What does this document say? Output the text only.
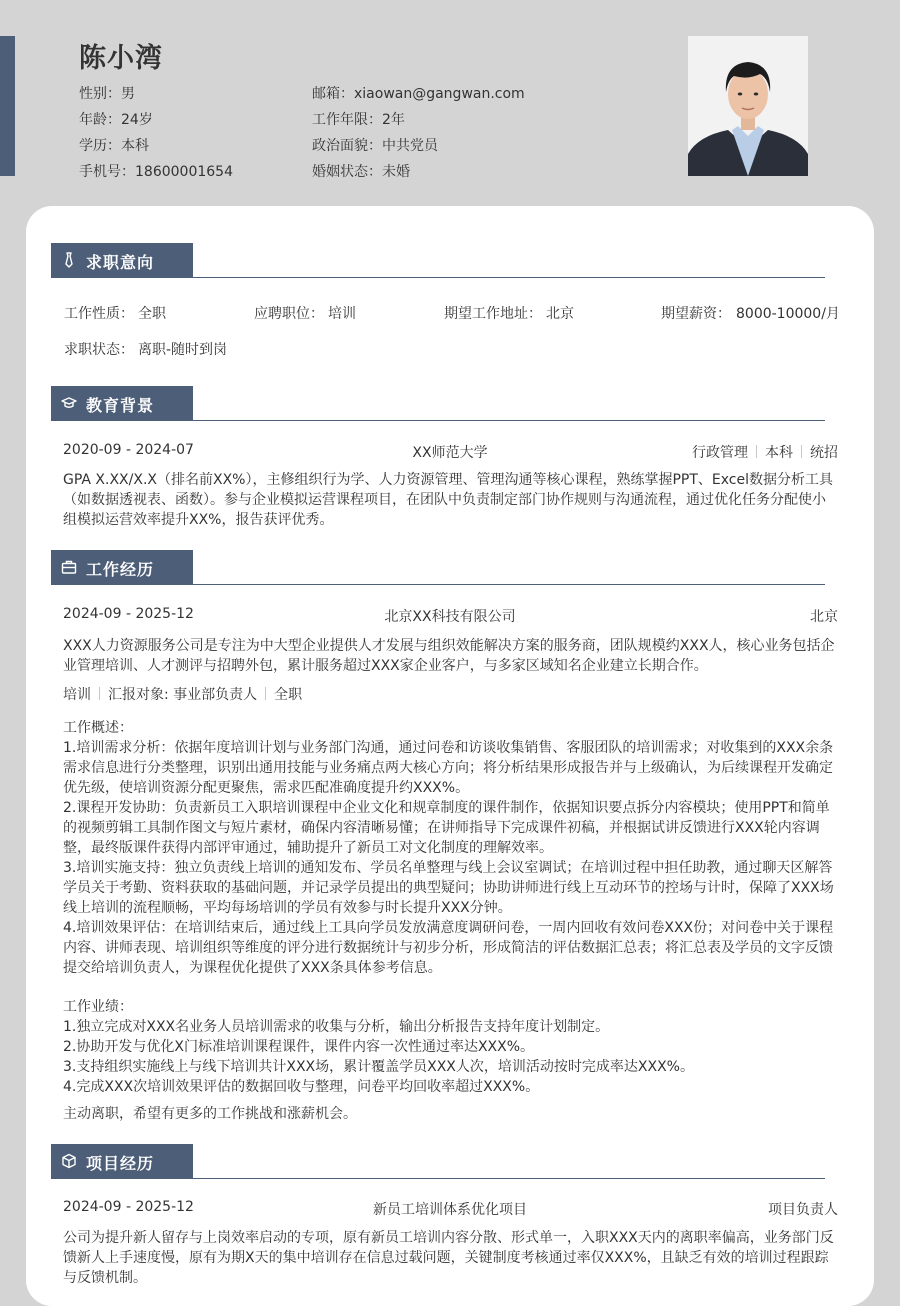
陈小湾
性别：男
年龄：24岁
学历：本科
手机号：18600001654
邮箱：xiaowan@gangwan.com
工作年限：2年
政治面貌：中共党员
婚姻状态：未婚
求职意向
工作性质： 全职	应聘职位： 培训	期望工作地址： 北京	期望薪资： 8000-10000/月
求职状态： 离职-随时到岗
教育背景
2020-09 - 2024-07	XX师范大学	行政管理 本科 统招
GPA X.XX/X.X（排名前XX%），主修组织行为学、人力资源管理、管理沟通等核心课程，熟练掌握PPT、Excel数据分析工具（如数据透视表、函数）。参与企业模拟运营课程项目，在团队中负责制定部门协作规则与沟通流程，通过优化任务分配使小组模拟运营效率提升XX%，报告获评优秀。
工作经历
2024-09 - 2025-12	北京XX科技有限公司	北京
XXX人力资源服务公司是专注为中大型企业提供人才发展与组织效能解决方案的服务商，团队规模约XXX人，核心业务包括企业管理培训、人才测评与招聘外包，累计服务超过XXX家企业客户，与多家区域知名企业建立长期合作。
培训 汇报对象: 事业部负责人 全职
工作概述：
1.培训需求分析：依据年度培训计划与业务部门沟通，通过问卷和访谈收集销售、客服团队的培训需求；对收集到的XXX余条需求信息进行分类整理，识别出通用技能与业务痛点两大核心方向；将分析结果形成报告并与上级确认，为后续课程开发确定优先级，使培训资源分配更聚焦，需求匹配准确度提升约XXX%。
2.课程开发协助：负责新员工入职培训课程中企业文化和规章制度的课件制作，依据知识要点拆分内容模块；使用PPT和简单的视频剪辑工具制作图文与短片素材，确保内容清晰易懂；在讲师指导下完成课件初稿，并根据试讲反馈进行XXX轮内容调整，最终版课件获得内部评审通过，辅助提升了新员工对文化制度的理解效率。
3.培训实施支持：独立负责线上培训的通知发布、学员名单整理与线上会议室调试；在培训过程中担任助教，通过聊天区解答学员关于考勤、资料获取的基础问题，并记录学员提出的典型疑问；协助讲师进行线上互动环节的控场与计时，保障了XXX场线上培训的流程顺畅，平均每场培训的学员有效参与时长提升XXX分钟。
4.培训效果评估：在培训结束后，通过线上工具向学员发放满意度调研问卷，一周内回收有效问卷XXX份；对问卷中关于课程内容、讲师表现、培训组织等维度的评分进行数据统计与初步分析，形成简洁的评估数据汇总表；将汇总表及学员的文字反馈提交给培训负责人，为课程优化提供了XXX条具体参考信息。
工作业绩：
1.独立完成对XXX名业务人员培训需求的收集与分析，输出分析报告支持年度计划制定。
2.协助开发与优化X门标准培训课程课件，课件内容一次性通过率达XXX%。
3.支持组织实施线上与线下培训共计XXX场，累计覆盖学员XXX人次，培训活动按时完成率达XXX%。
4.完成XXX次培训效果评估的数据回收与整理，问卷平均回收率超过XXX%。
主动离职，希望有更多的工作挑战和涨薪机会。
项目经历
2024-09 - 2025-12	新员工培训体系优化项目	项目负责人
公司为提升新人留存与上岗效率启动的专项，原有新员工培训内容分散、形式单一，入职XXX天内的离职率偏高，业务部门反馈新人上手速度慢，原有为期X天的集中培训存在信息过载问题，关键制度考核通过率仅XXX%，且缺乏有效的培训过程跟踪与反馈机制。
